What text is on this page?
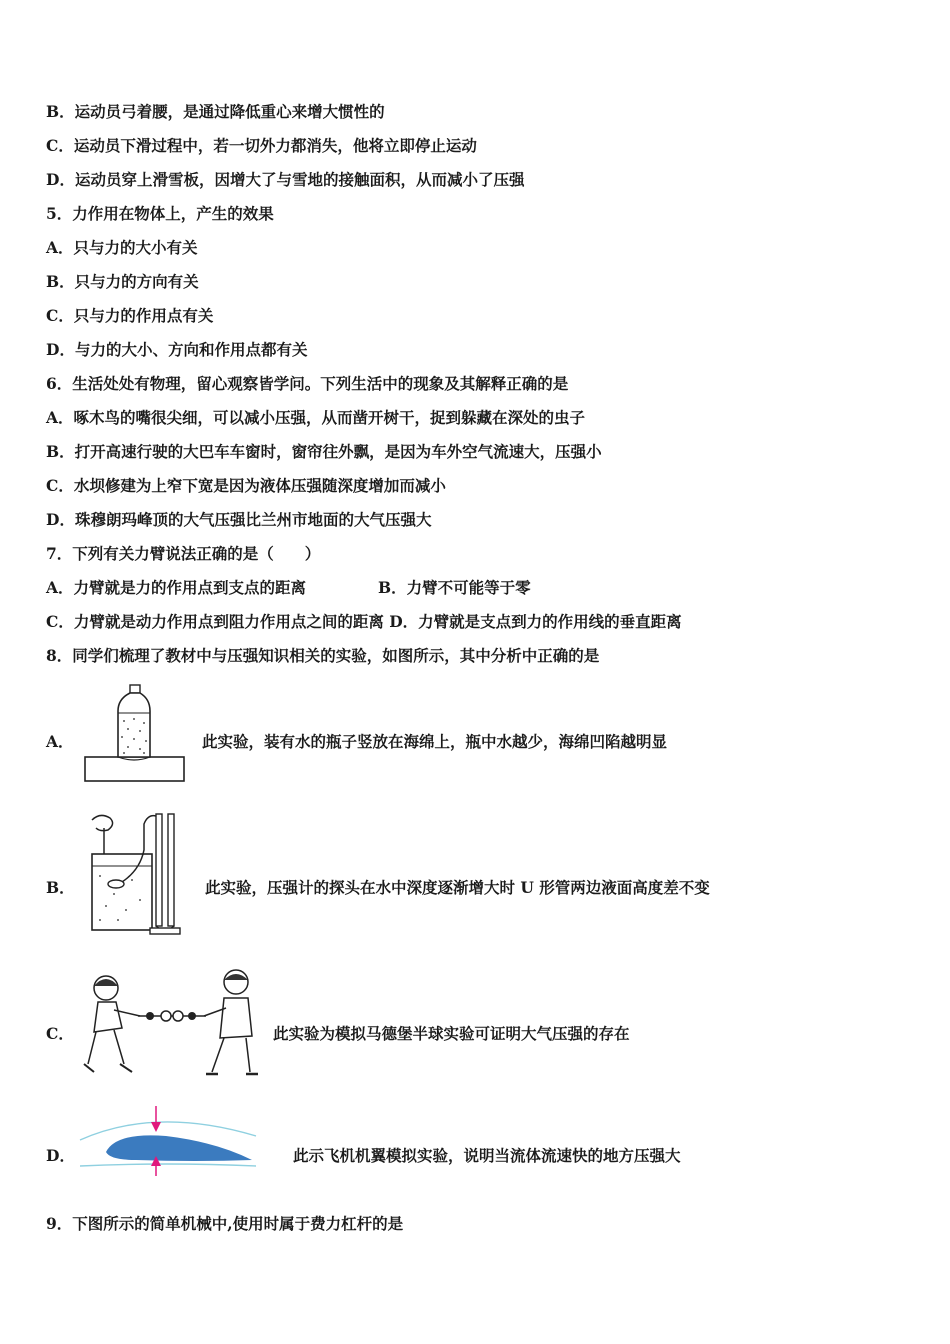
B．运动员弓着腰，是通过降低重心来增大惯性的
C．运动员下滑过程中，若一切外力都消失，他将立即停止运动
D．运动员穿上滑雪板，因增大了与雪地的接触面积，从而减小了压强
5．力作用在物体上，产生的效果
A．只与力的大小有关
B．只与力的方向有关
C．只与力的作用点有关
D．与力的大小、方向和作用点都有关
6．生活处处有物理，留心观察皆学问。下列生活中的现象及其解释正确的是
A．啄木鸟的嘴很尖细，可以减小压强，从而凿开树干，捉到躲藏在深处的虫子
B．打开高速行驶的大巴车车窗时，窗帘往外飘，是因为车外空气流速大，压强小
C．水坝修建为上窄下宽是因为液体压强随深度增加而减小
D．珠穆朗玛峰顶的大气压强比兰州市地面的大气压强大
7．下列有关力臂说法正确的是（　　）
A．力臂就是力的作用点到支点的距离	B．力臂不可能等于零
C．力臂就是动力作用点到阻力作用点之间的距离 D．力臂就是支点到力的作用线的垂直距离
8．同学们梳理了教材中与压强知识相关的实验，如图所示，其中分析中正确的是
A．	此实验，装有水的瓶子竖放在海绵上，瓶中水越少，海绵凹陷越明显
B．	此实验，压强计的探头在水中深度逐渐增大时 U 形管两边液面高度差不变
C．	此实验为模拟马德堡半球实验可证明大气压强的存在
D．	此示飞机机翼模拟实验，说明当流体流速快的地方压强大
9．下图所示的简单机械中,使用时属于费力杠杆的是
